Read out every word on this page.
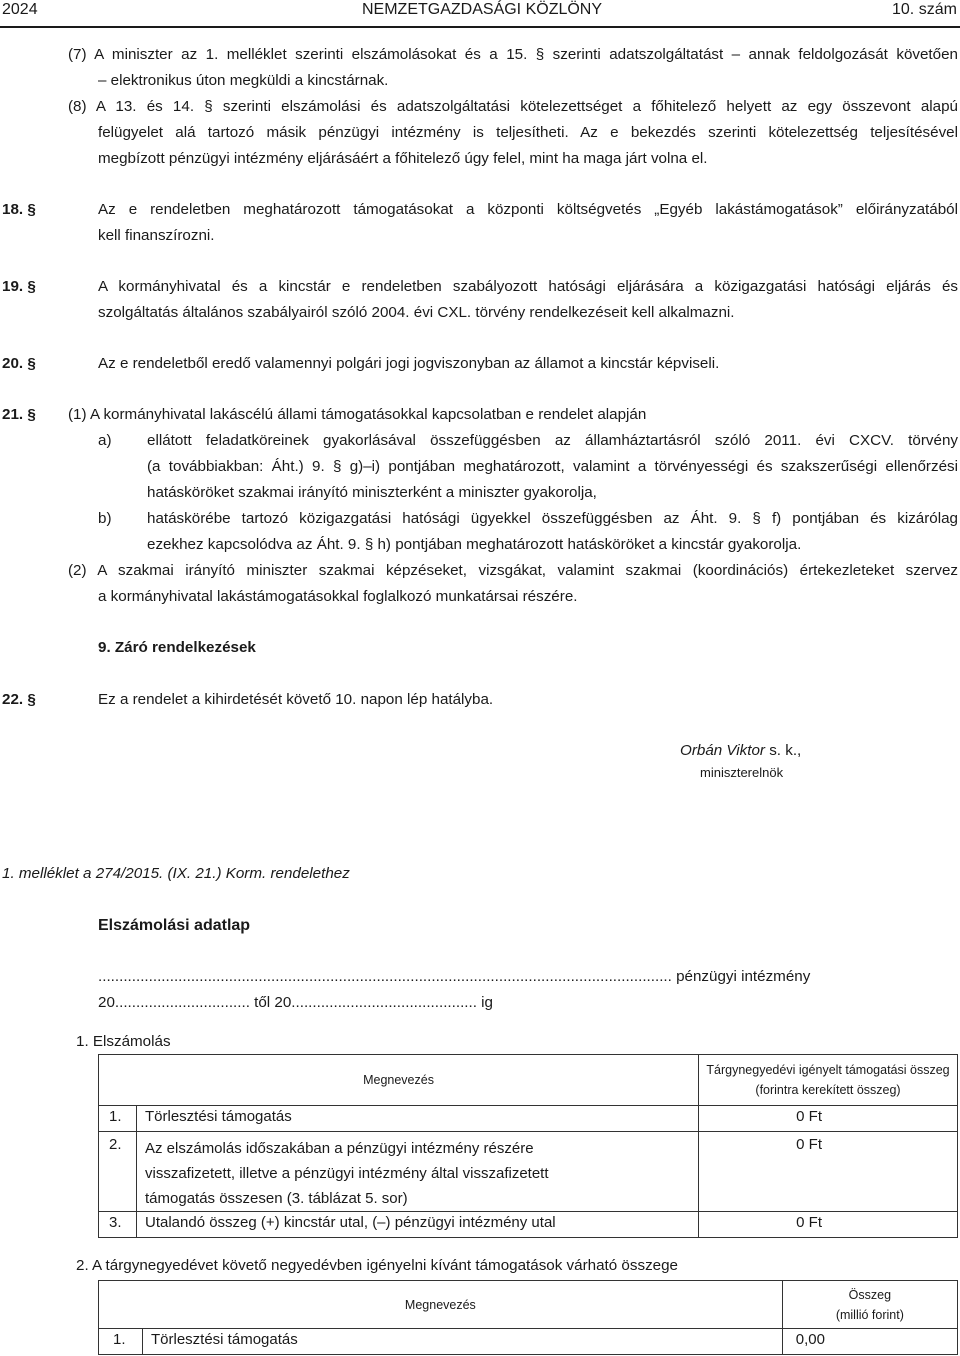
2024	NEMZETGAZDASÁGI KÖZLÖNY	10. szám
(7) A miniszter az 1. melléklet szerinti elszámolásokat és a 15. § szerinti adatszolgáltatást – annak feldolgozását követően
– elektronikus úton megküldi a kincstárnak.
(8) A 13. és 14. § szerinti elszámolási és adatszolgáltatási kötelezettséget a főhitelező helyett az egy összevont alapú
felügyelet alá tartozó másik pénzügyi intézmény is teljesítheti. Az e bekezdés szerinti kötelezettség teljesítésével
megbízott pénzügyi intézmény eljárásáért a főhitelező úgy felel, mint ha maga járt volna el.
18. §	Az e rendeletben meghatározott támogatásokat a központi költségvetés „Egyéb lakástámogatások” előirányzatából
kell finanszírozni.
19. §	A kormányhivatal és a kincstár e rendeletben szabályozott hatósági eljárására a közigazgatási hatósági eljárás és
szolgáltatás általános szabályairól szóló 2004. évi CXL. törvény rendelkezéseit kell alkalmazni.
20. §	Az e rendeletből eredő valamennyi polgári jogi jogviszonyban az államot a kincstár képviseli.
21. § (1) A kormányhivatal lakáscélú állami támogatásokkal kapcsolatban e rendelet alapján
a) ellátott feladatköreinek gyakorlásával összefüggésben az államháztartásról szóló 2011. évi CXCV. törvény
(a továbbiakban: Áht.) 9. § g)–i) pontjában meghatározott, valamint a törvényességi és szakszerűségi ellenőrzési
hatásköröket szakmai irányító miniszterként a miniszter gyakorolja,
b) hatáskörébe tartozó közigazgatási hatósági ügyekkel összefüggésben az Áht. 9. § f) pontjában és kizárólag
ezekhez kapcsolódva az Áht. 9. § h) pontjában meghatározott hatásköröket a kincstár gyakorolja.
(2) A szakmai irányító miniszter szakmai képzéseket, vizsgákat, valamint szakmai (koordinációs) értekezleteket szervez
a kormányhivatal lakástámogatásokkal foglalkozó munkatársai részére.
9. Záró rendelkezések
22. §	Ez a rendelet a kihirdetését követő 10. napon lép hatályba.
Orbán Viktor s. k.,
miniszterelnök
1. melléklet a 274/2015. (IX. 21.) Korm. rendelethez
Elszámolási adatlap
........................................................................................................................................ pénzügyi intézmény
20................................ től 20............................................ ig
1. Elszámolás
Megnevezés		Tárgynegyedévi igényelt támogatási összeg
(forintra kerekített összeg)

1.	Törlesztési támogatás	0 Ft
2.	Az elszámolás időszakában a pénzügyi intézmény részére
visszafizetett, illetve a pénzügyi intézmény által visszafizetett
támogatás összesen (3. táblázat 5. sor)	0 Ft
3.	Utalandó összeg (+) kincstár utal, (–) pénzügyi intézmény utal	0 Ft
2. A tárgynegyedévet követő negyedévben igényelni kívánt támogatások várható összege
Megnevezés		Összeg
(millió forint)

1.	Törlesztési támogatás	0,00
